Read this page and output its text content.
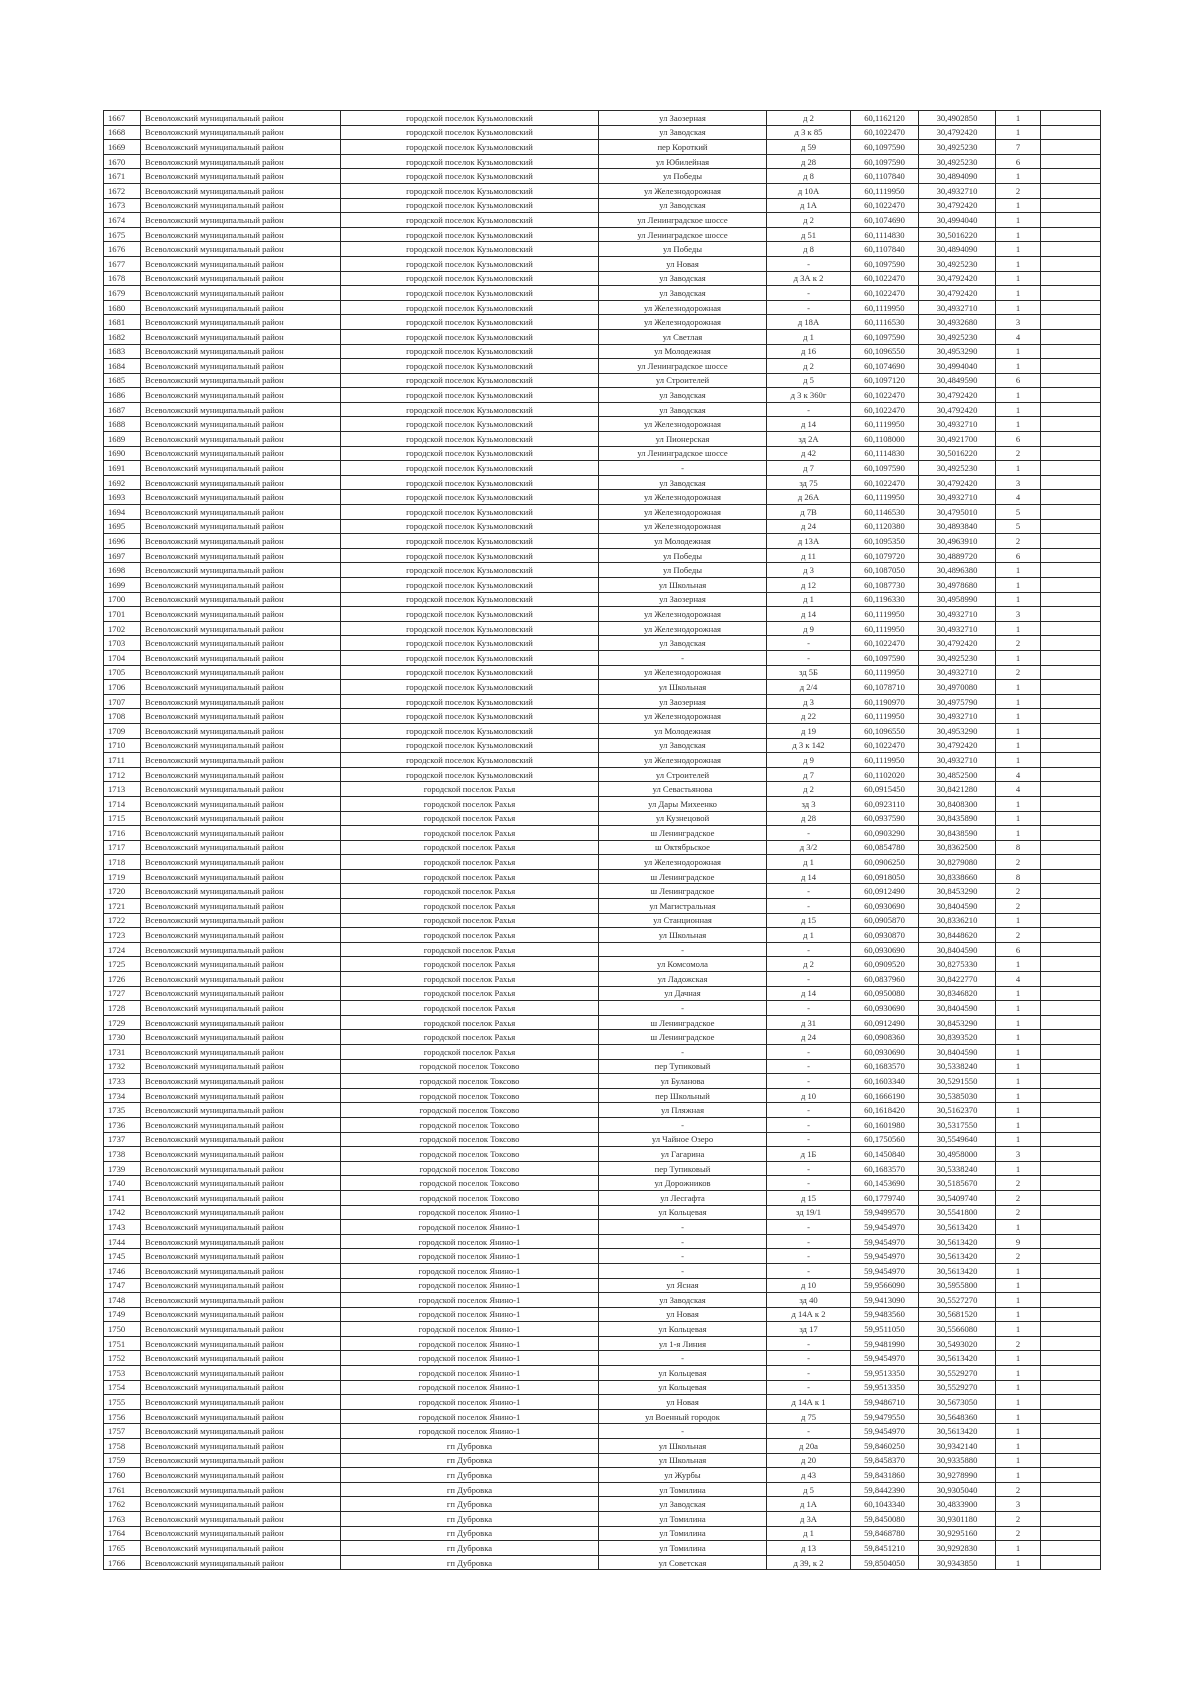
1667	Всеволожский муниципальный район	городской поселок Кузьмоловский	ул Заозерная	д 2	60,1162120	30,4902850	1	
1668	Всеволожский муниципальный район	городской поселок Кузьмоловский	ул Заводская	д 3 к 85	60,1022470	30,4792420	1	
1669	Всеволожский муниципальный район	городской поселок Кузьмоловский	пер Короткий	д 59	60,1097590	30,4925230	7	
1670	Всеволожский муниципальный район	городской поселок Кузьмоловский	ул Юбилейная	д 28	60,1097590	30,4925230	6	
1671	Всеволожский муниципальный район	городской поселок Кузьмоловский	ул Победы	д 8	60,1107840	30,4894090	1	
1672	Всеволожский муниципальный район	городской поселок Кузьмоловский	ул Железнодорожная	д 10А	60,1119950	30,4932710	2	
1673	Всеволожский муниципальный район	городской поселок Кузьмоловский	ул Заводская	д 1А	60,1022470	30,4792420	1	
1674	Всеволожский муниципальный район	городской поселок Кузьмоловский	ул Ленинградское шоссе	д 2	60,1074690	30,4994040	1	
1675	Всеволожский муниципальный район	городской поселок Кузьмоловский	ул Ленинградское шоссе	д 51	60,1114830	30,5016220	1	
1676	Всеволожский муниципальный район	городской поселок Кузьмоловский	ул Победы	д 8	60,1107840	30,4894090	1	
1677	Всеволожский муниципальный район	городской поселок Кузьмоловский	ул Новая	-	60,1097590	30,4925230	1	
1678	Всеволожский муниципальный район	городской поселок Кузьмоловский	ул Заводская	д 3А к 2	60,1022470	30,4792420	1	
1679	Всеволожский муниципальный район	городской поселок Кузьмоловский	ул Заводская	-	60,1022470	30,4792420	1	
1680	Всеволожский муниципальный район	городской поселок Кузьмоловский	ул Железнодорожная	-	60,1119950	30,4932710	1	
1681	Всеволожский муниципальный район	городской поселок Кузьмоловский	ул Железнодорожная	д 18А	60,1116530	30,4932680	3	
1682	Всеволожский муниципальный район	городской поселок Кузьмоловский	ул Светлая	д 1	60,1097590	30,4925230	4	
1683	Всеволожский муниципальный район	городской поселок Кузьмоловский	ул Молодежная	д 16	60,1096550	30,4953290	1	
1684	Всеволожский муниципальный район	городской поселок Кузьмоловский	ул Ленинградское шоссе	д 2	60,1074690	30,4994040	1	
1685	Всеволожский муниципальный район	городской поселок Кузьмоловский	ул Строителей	д 5	60,1097120	30,4849590	6	
1686	Всеволожский муниципальный район	городской поселок Кузьмоловский	ул Заводская	д 3 к 360г	60,1022470	30,4792420	1	
1687	Всеволожский муниципальный район	городской поселок Кузьмоловский	ул Заводская	-	60,1022470	30,4792420	1	
1688	Всеволожский муниципальный район	городской поселок Кузьмоловский	ул Железнодорожная	д 14	60,1119950	30,4932710	1	
1689	Всеволожский муниципальный район	городской поселок Кузьмоловский	ул Пионерская	зд 2А	60,1108000	30,4921700	6	
1690	Всеволожский муниципальный район	городской поселок Кузьмоловский	ул Ленинградское шоссе	д 42	60,1114830	30,5016220	2	
1691	Всеволожский муниципальный район	городской поселок Кузьмоловский	-	д 7	60,1097590	30,4925230	1	
1692	Всеволожский муниципальный район	городской поселок Кузьмоловский	ул Заводская	зд 75	60,1022470	30,4792420	3	
1693	Всеволожский муниципальный район	городской поселок Кузьмоловский	ул Железнодорожная	д 26А	60,1119950	30,4932710	4	
1694	Всеволожский муниципальный район	городской поселок Кузьмоловский	ул Железнодорожная	д 7В	60,1146530	30,4795010	5	
1695	Всеволожский муниципальный район	городской поселок Кузьмоловский	ул Железнодорожная	д 24	60,1120380	30,4893840	5	
1696	Всеволожский муниципальный район	городской поселок Кузьмоловский	ул Молодежная	д 13А	60,1095350	30,4963910	2	
1697	Всеволожский муниципальный район	городской поселок Кузьмоловский	ул Победы	д 11	60,1079720	30,4889720	6	
1698	Всеволожский муниципальный район	городской поселок Кузьмоловский	ул Победы	д 3	60,1087050	30,4896380	1	
1699	Всеволожский муниципальный район	городской поселок Кузьмоловский	ул Школьная	д 12	60,1087730	30,4978680	1	
1700	Всеволожский муниципальный район	городской поселок Кузьмоловский	ул Заозерная	д 1	60,1196330	30,4958990	1	
1701	Всеволожский муниципальный район	городской поселок Кузьмоловский	ул Железнодорожная	д 14	60,1119950	30,4932710	3	
1702	Всеволожский муниципальный район	городской поселок Кузьмоловский	ул Железнодорожная	д 9	60,1119950	30,4932710	1	
1703	Всеволожский муниципальный район	городской поселок Кузьмоловский	ул Заводская	-	60,1022470	30,4792420	2	
1704	Всеволожский муниципальный район	городской поселок Кузьмоловский	-	-	60,1097590	30,4925230	1	
1705	Всеволожский муниципальный район	городской поселок Кузьмоловский	ул Железнодорожная	зд 5Б	60,1119950	30,4932710	2	
1706	Всеволожский муниципальный район	городской поселок Кузьмоловский	ул Школьная	д 2/4	60,1078710	30,4970080	1	
1707	Всеволожский муниципальный район	городской поселок Кузьмоловский	ул Заозерная	д 3	60,1190970	30,4975790	1	
1708	Всеволожский муниципальный район	городской поселок Кузьмоловский	ул Железнодорожная	д 22	60,1119950	30,4932710	1	
1709	Всеволожский муниципальный район	городской поселок Кузьмоловский	ул Молодежная	д 19	60,1096550	30,4953290	1	
1710	Всеволожский муниципальный район	городской поселок Кузьмоловский	ул Заводская	д 3 к 142	60,1022470	30,4792420	1	
1711	Всеволожский муниципальный район	городской поселок Кузьмоловский	ул Железнодорожная	д 9	60,1119950	30,4932710	1	
1712	Всеволожский муниципальный район	городской поселок Кузьмоловский	ул Строителей	д 7	60,1102020	30,4852500	4	
1713	Всеволожский муниципальный район	городской поселок Рахья	ул Севастьянова	д 2	60,0915450	30,8421280	4	
1714	Всеволожский муниципальный район	городской поселок Рахья	ул Дары Михеенко	зд 3	60,0923110	30,8408300	1	
1715	Всеволожский муниципальный район	городской поселок Рахья	ул Кузнецовой	д 28	60,0937590	30,8435890	1	
1716	Всеволожский муниципальный район	городской поселок Рахья	ш Ленинградское	-	60,0903290	30,8438590	1	
1717	Всеволожский муниципальный район	городской поселок Рахья	ш Октябрьское	д 3/2	60,0854780	30,8362500	8	
1718	Всеволожский муниципальный район	городской поселок Рахья	ул Железнодорожная	д 1	60,0906250	30,8279080	2	
1719	Всеволожский муниципальный район	городской поселок Рахья	ш Ленинградское	д 14	60,0918050	30,8338660	8	
1720	Всеволожский муниципальный район	городской поселок Рахья	ш Ленинградское	-	60,0912490	30,8453290	2	
1721	Всеволожский муниципальный район	городской поселок Рахья	ул Магистральная	-	60,0930690	30,8404590	2	
1722	Всеволожский муниципальный район	городской поселок Рахья	ул Станционная	д 15	60,0905870	30,8336210	1	
1723	Всеволожский муниципальный район	городской поселок Рахья	ул Школьная	д 1	60,0930870	30,8448620	2	
1724	Всеволожский муниципальный район	городской поселок Рахья	-	-	60,0930690	30,8404590	6	
1725	Всеволожский муниципальный район	городской поселок Рахья	ул Комсомола	д 2	60,0909520	30,8275330	1	
1726	Всеволожский муниципальный район	городской поселок Рахья	ул Ладожская	-	60,0837960	30,8422770	4	
1727	Всеволожский муниципальный район	городской поселок Рахья	ул Дачная	д 14	60,0950080	30,8346820	1	
1728	Всеволожский муниципальный район	городской поселок Рахья	-	-	60,0930690	30,8404590	1	
1729	Всеволожский муниципальный район	городской поселок Рахья	ш Ленинградское	д 31	60,0912490	30,8453290	1	
1730	Всеволожский муниципальный район	городской поселок Рахья	ш Ленинградское	д 24	60,0908360	30,8393520	1	
1731	Всеволожский муниципальный район	городской поселок Рахья	-	-	60,0930690	30,8404590	1	
1732	Всеволожский муниципальный район	городской поселок Токсово	пер Тупиковый	-	60,1683570	30,5338240	1	
1733	Всеволожский муниципальный район	городской поселок Токсово	ул Буланова	-	60,1603340	30,5291550	1	
1734	Всеволожский муниципальный район	городской поселок Токсово	пер Школьный	д 10	60,1666190	30,5385030	1	
1735	Всеволожский муниципальный район	городской поселок Токсово	ул Пляжная	-	60,1618420	30,5162370	1	
1736	Всеволожский муниципальный район	городской поселок Токсово	-	-	60,1601980	30,5317550	1	
1737	Всеволожский муниципальный район	городской поселок Токсово	ул Чайное Озеро	-	60,1750560	30,5549640	1	
1738	Всеволожский муниципальный район	городской поселок Токсово	ул Гагарина	д 1Б	60,1450840	30,4958000	3	
1739	Всеволожский муниципальный район	городской поселок Токсово	пер Тупиковый	-	60,1683570	30,5338240	1	
1740	Всеволожский муниципальный район	городской поселок Токсово	ул Дорожников	-	60,1453690	30,5185670	2	
1741	Всеволожский муниципальный район	городской поселок Токсово	ул Лесгафта	д 15	60,1779740	30,5409740	2	
1742	Всеволожский муниципальный район	городской поселок Янино-1	ул Кольцевая	зд 19/1	59,9499570	30,5541800	2	
1743	Всеволожский муниципальный район	городской поселок Янино-1	-	-	59,9454970	30,5613420	1	
1744	Всеволожский муниципальный район	городской поселок Янино-1	-	-	59,9454970	30,5613420	9	
1745	Всеволожский муниципальный район	городской поселок Янино-1	-	-	59,9454970	30,5613420	2	
1746	Всеволожский муниципальный район	городской поселок Янино-1	-	-	59,9454970	30,5613420	1	
1747	Всеволожский муниципальный район	городской поселок Янино-1	ул Ясная	д 10	59,9566090	30,5955800	1	
1748	Всеволожский муниципальный район	городской поселок Янино-1	ул Заводская	зд 40	59,9413090	30,5527270	1	
1749	Всеволожский муниципальный район	городской поселок Янино-1	ул Новая	д 14А к 2	59,9483560	30,5681520	1	
1750	Всеволожский муниципальный район	городской поселок Янино-1	ул Кольцевая	зд 17	59,9511050	30,5566080	1	
1751	Всеволожский муниципальный район	городской поселок Янино-1	ул 1-я Линия	-	59,9481990	30,5493020	2	
1752	Всеволожский муниципальный район	городской поселок Янино-1	-	-	59,9454970	30,5613420	1	
1753	Всеволожский муниципальный район	городской поселок Янино-1	ул Кольцевая	-	59,9513350	30,5529270	1	
1754	Всеволожский муниципальный район	городской поселок Янино-1	ул Кольцевая	-	59,9513350	30,5529270	1	
1755	Всеволожский муниципальный район	городской поселок Янино-1	ул Новая	д 14А к 1	59,9486710	30,5673050	1	
1756	Всеволожский муниципальный район	городской поселок Янино-1	ул Военный городок	д 75	59,9479550	30,5648360	1	
1757	Всеволожский муниципальный район	городской поселок Янино-1	-	-	59,9454970	30,5613420	1	
1758	Всеволожский муниципальный район	гп Дубровка	ул Школьная	д 20а	59,8460250	30,9342140	1	
1759	Всеволожский муниципальный район	гп Дубровка	ул Школьная	д 20	59,8458370	30,9335880	1	
1760	Всеволожский муниципальный район	гп Дубровка	ул Журбы	д 43	59,8431860	30,9278990	1	
1761	Всеволожский муниципальный район	гп Дубровка	ул Томилина	д 5	59,8442390	30,9305040	2	
1762	Всеволожский муниципальный район	гп Дубровка	ул Заводская	д 1А	60,1043340	30,4833900	3	
1763	Всеволожский муниципальный район	гп Дубровка	ул Томилина	д 3А	59,8450080	30,9301180	2	
1764	Всеволожский муниципальный район	гп Дубровка	ул Томилина	д 1	59,8468780	30,9295160	2	
1765	Всеволожский муниципальный район	гп Дубровка	ул Томилина	д 13	59,8451210	30,9292830	1	
1766	Всеволожский муниципальный район	гп Дубровка	ул Советская	д 39, к 2	59,8504050	30,9343850	1	
